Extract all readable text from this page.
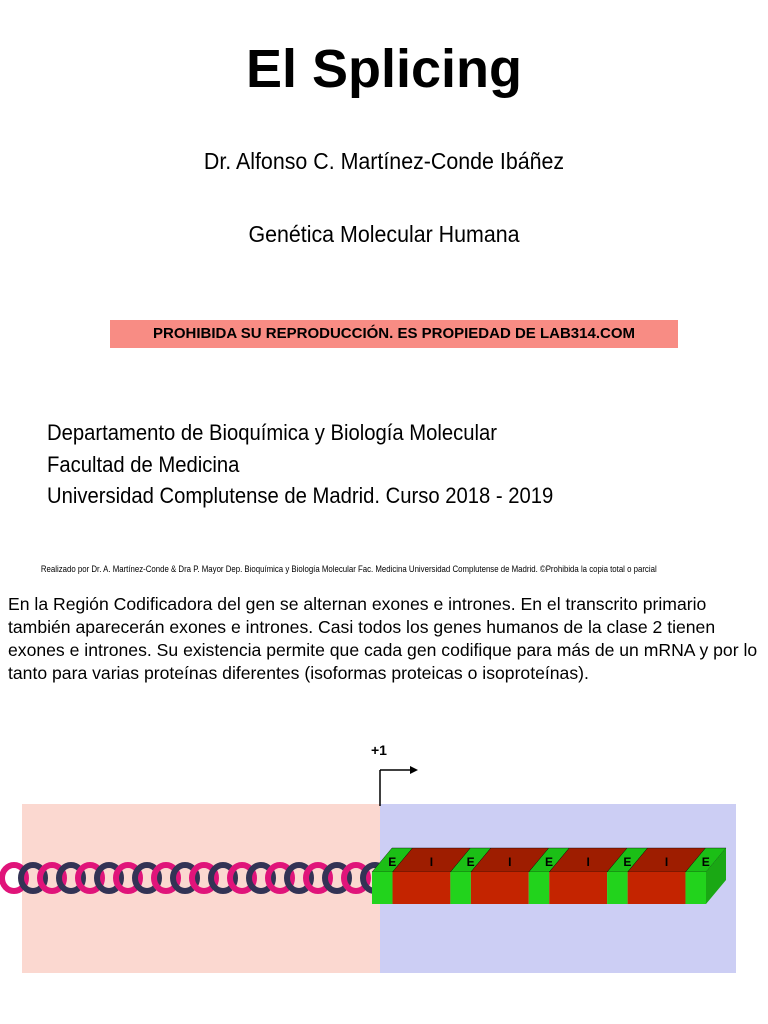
El Splicing
Dr. Alfonso C. Martínez-Conde Ibáñez
Genética Molecular Humana
PROHIBIDA SU REPRODUCCIÓN. ES PROPIEDAD DE LAB314.COM
Departamento de Bioquímica y Biología Molecular
Facultad de Medicina
Universidad Complutense de Madrid. Curso 2018 - 2019
Realizado por Dr. A. Martínez-Conde & Dra P. Mayor Dep. Bioquímica y Biología Molecular Fac. Medicina Universidad Complutense de Madrid. ©Prohibida la copia total o parcial
En la Región Codificadora del gen se alternan exones e intrones. En el transcrito primario también aparecerán exones e intrones. Casi todos los genes humanos de la clase 2 tienen exones e intrones. Su existencia permite que cada gen codifique para más de un mRNA y por lo tanto para varias proteínas diferentes (isoformas proteicas o isoproteínas).
+1
E	I	E	I	E	I	E	I	E
